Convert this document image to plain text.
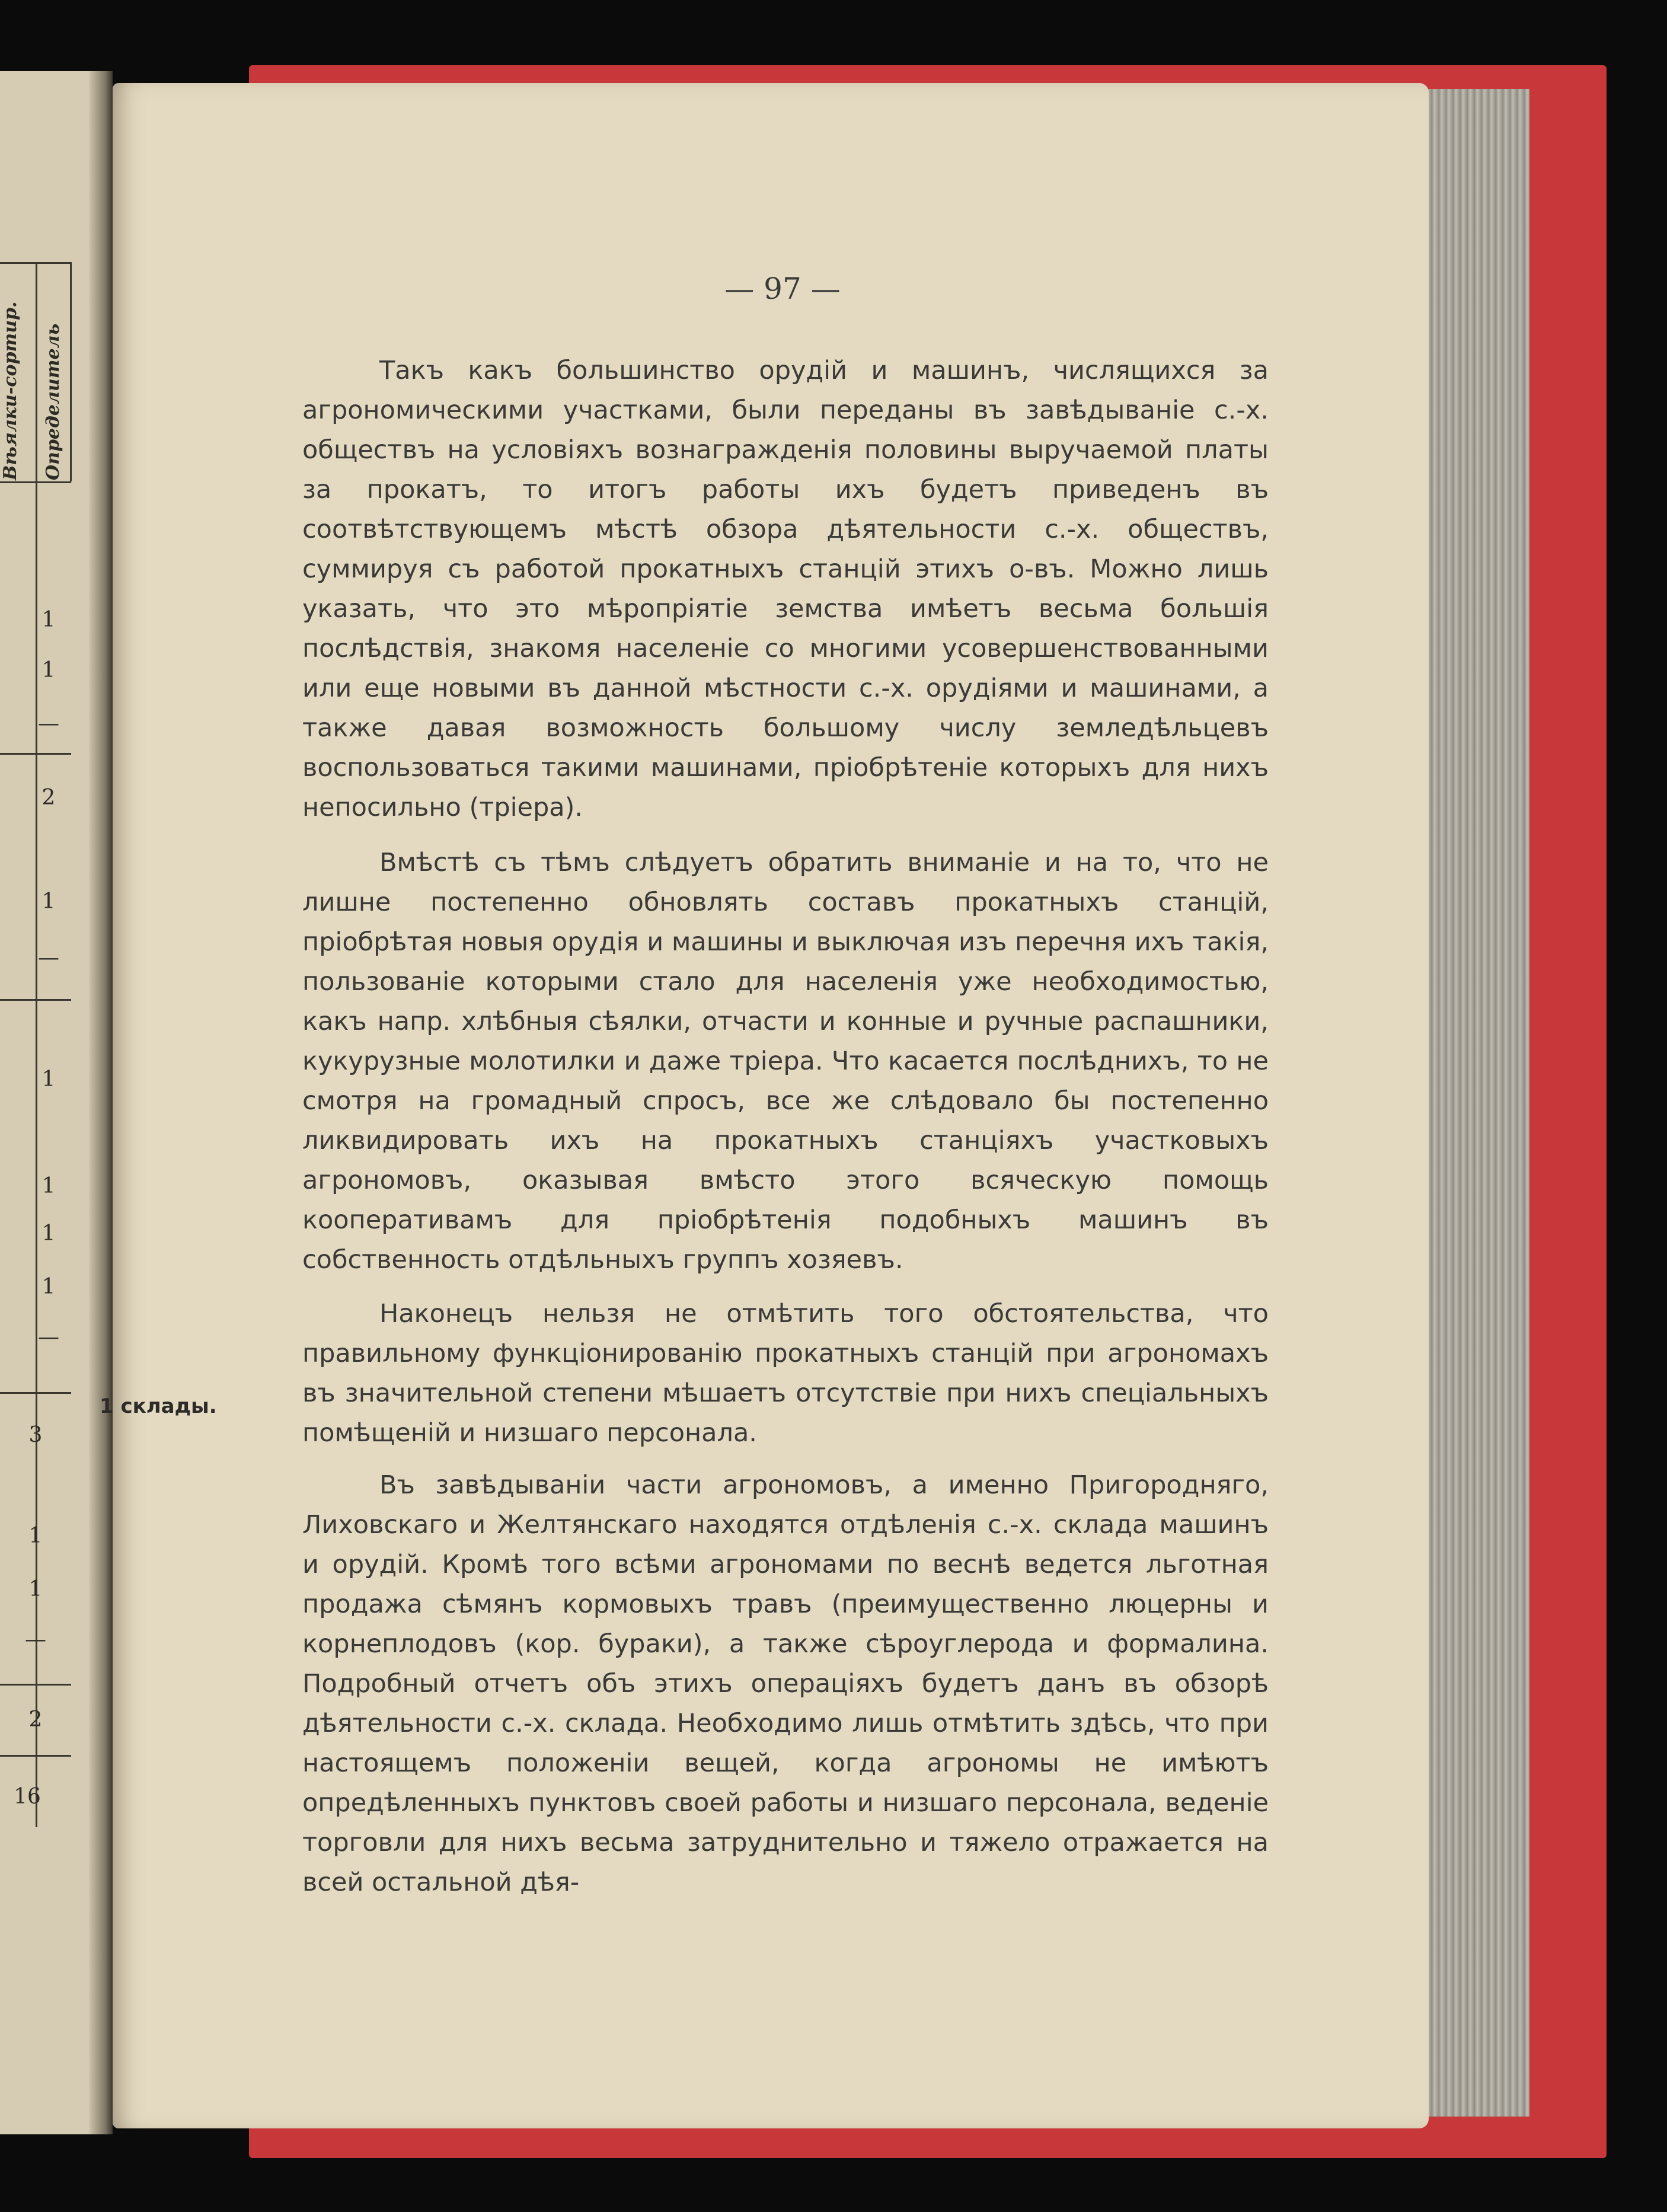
Вѣялки-сортир. Определитель
1
1
—
2
1
—
1
1
1
1
—
3
1
1
—
2
16
— 97 —

Такъ какъ большинство орудій и машинъ, числящихся за агрономическими участками, были переданы въ завѣдываніе с.-х. обществъ на условіяхъ вознагражденія половины выручаемой платы за прокатъ, то итогъ работы ихъ будетъ приведенъ въ соотвѣтствующемъ мѣстѣ обзора дѣятельности с.-х. обществъ, суммируя съ работой прокатныхъ станцій этихъ о-въ. Можно лишь указать, что это мѣропріятіе земства имѣетъ весьма большія послѣдствія, знакомя населеніе со многими усовершенствованными или еще новыми въ данной мѣстности с.-х. орудіями и машинами, а также давая возможность большому числу земледѣльцевъ воспользоваться такими машинами, пріобрѣтеніе которыхъ для нихъ непосильно (тріера).

Вмѣстѣ съ тѣмъ слѣдуетъ обратить вниманіе и на то, что не лишне постепенно обновлять составъ прокатныхъ станцій, пріобрѣтая новыя орудія и машины и выключая изъ перечня ихъ такія, пользованіе которыми стало для населенія уже необходимостью, какъ напр. хлѣбныя сѣялки, отчасти и конные и ручные распашники, кукурузные молотилки и даже тріера. Что касается послѣднихъ, то не смотря на громадный спросъ, все же слѣдовало бы постепенно ликвидировать ихъ на прокатныхъ станціяхъ участковыхъ агрономовъ, оказывая вмѣсто этого всяческую помощь кооперативамъ для пріобрѣтенія подобныхъ машинъ въ собственность отдѣльныхъ группъ хозяевъ.

Наконецъ нельзя не отмѣтить того обстоятельства, что правильному функціонированію прокатныхъ станцій при агрономахъ въ значительной степени мѣшаетъ отсутствіе при нихъ спеціальныхъ помѣщеній и низшаго персонала.

Въ завѣдываніи части агрономовъ, а именно Пригороднягo, Лиховскаго и Желтянскаго находятся отдѣленія с.-х. склада машинъ и орудій. Кромѣ того всѣми агрономами по веснѣ ведется льготная продажа сѣмянъ кормовыхъ травъ (преимущественно люцерны и корнеплодовъ (кор. бураки), а также сѣроуглерода и формалина. Подробный отчетъ объ этихъ операціяхъ будетъ данъ въ обзорѣ дѣятельности с.-х. склада. Необходимо лишь отмѣтить здѣсь, что при настоящемъ положеніи вещей, когда агрономы не имѣютъ опредѣленныхъ пунктовъ своей работы и низшаго персонала, веденіе торговли для нихъ весьма затруднительно и тяжело отражается на всей остальной дѣя-

1 склады.
